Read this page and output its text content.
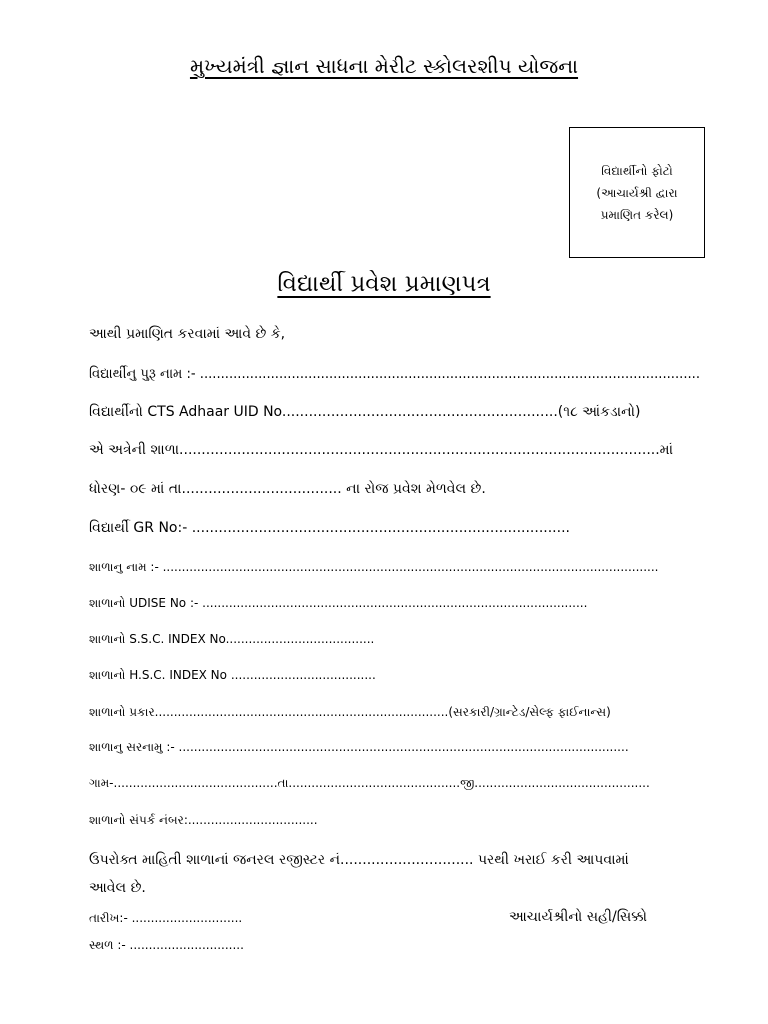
મુખ્યમંત્રી જ્ઞાન સાધના મેરીટ સ્કોલરશીપ યોજના
વિદ્યાર્થીનો ફોટો
(આચાર્યશ્રી દ્વારા
પ્રમાણિત કરેલ)
વિદ્યાર્થી પ્રવેશ પ્રમાણપત્ર
આથી પ્રમાણિત કરવામાં આવે છે કે,
વિદ્યાર્થીનુ પુરૂ નામ :- ........................................................................................................................
વિદ્યાર્થીનો CTS Adhaar UID No..............................................................(૧૮ આંકડાનો)
એ અત્રેની શાળા............................................................................................................માં
ધોરણ- ૦૯ માં તા.................................... ના રોજ પ્રવેશ મેળવેલ છે.
વિદ્યાર્થી GR No:- .....................................................................................
શાળાનુ નામ :- ..................................................................................................................................
શાળાનો UDISE No :- .....................................................................................................
શાળાનો S.S.C. INDEX No.......................................
શાળાનો H.S.C. INDEX No ......................................
શાળાનો પ્રકાર.............................................................................(સરકારી/ગ્રાન્ટેડ/સેલ્ફ ફાઈનાન્સ)
શાળાનુ સરનામુ :- ......................................................................................................................
ગામ-...........................................તા.............................................જી..............................................
શાળાનો સંપર્ક નંબર:..................................
ઉપરોક્ત માહિતી શાળાનાં જનરલ રજીસ્ટર નં.............................. પરથી ખરાઈ કરી આપવામાં
આવેલ છે.
તારીખ:- .............................
સ્થળ :- ..............................
આચાર્યશ્રીનો સહી/સિક્કો
